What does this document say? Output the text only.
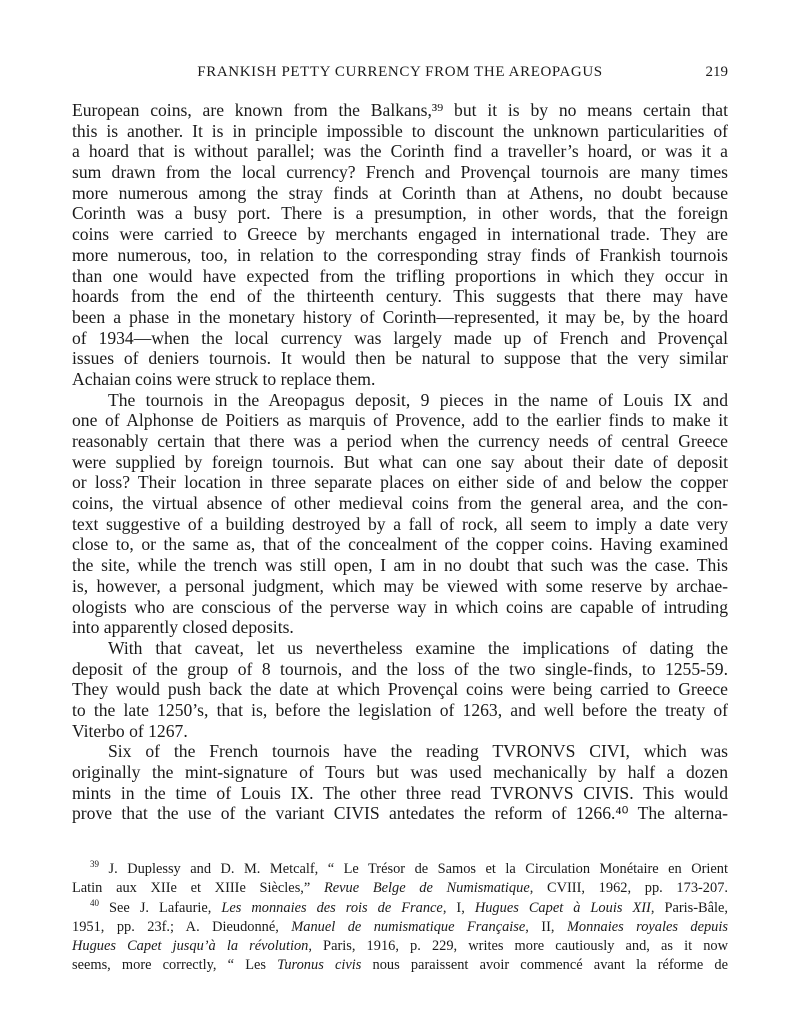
FRANKISH PETTY CURRENCY FROM THE AREOPAGUS	219
European coins, are known from the Balkans,³⁹ but it is by no means certain that
this is another. It is in principle impossible to discount the unknown particularities of
a hoard that is without parallel; was the Corinth find a traveller’s hoard, or was it a
sum drawn from the local currency? French and Provençal tournois are many times
more numerous among the stray finds at Corinth than at Athens, no doubt because
Corinth was a busy port. There is a presumption, in other words, that the foreign
coins were carried to Greece by merchants engaged in international trade. They are
more numerous, too, in relation to the corresponding stray finds of Frankish tournois
than one would have expected from the trifling proportions in which they occur in
hoards from the end of the thirteenth century. This suggests that there may have
been a phase in the monetary history of Corinth—represented, it may be, by the hoard
of 1934—when the local currency was largely made up of French and Provençal
issues of deniers tournois. It would then be natural to suppose that the very similar
Achaian coins were struck to replace them.
The tournois in the Areopagus deposit, 9 pieces in the name of Louis IX and
one of Alphonse de Poitiers as marquis of Provence, add to the earlier finds to make it
reasonably certain that there was a period when the currency needs of central Greece
were supplied by foreign tournois. But what can one say about their date of deposit
or loss? Their location in three separate places on either side of and below the copper
coins, the virtual absence of other medieval coins from the general area, and the con-
text suggestive of a building destroyed by a fall of rock, all seem to imply a date very
close to, or the same as, that of the concealment of the copper coins. Having examined
the site, while the trench was still open, I am in no doubt that such was the case. This
is, however, a personal judgment, which may be viewed with some reserve by archae-
ologists who are conscious of the perverse way in which coins are capable of intruding
into apparently closed deposits.
With that caveat, let us nevertheless examine the implications of dating the
deposit of the group of 8 tournois, and the loss of the two single-finds, to 1255-59.
They would push back the date at which Provençal coins were being carried to Greece
to the late 1250’s, that is, before the legislation of 1263, and well before the treaty of
Viterbo of 1267.
Six of the French tournois have the reading TVRONVS CIVI, which was
originally the mint-signature of Tours but was used mechanically by half a dozen
mints in the time of Louis IX. The other three read TVRONVS CIVIS. This would
prove that the use of the variant CIVIS antedates the reform of 1266.⁴⁰ The alterna-
$^{39}$ J. Duplessy and D. M. Metcalf, “ Le Trésor de Samos et la Circulation Monétaire en Orient
Latin aux XIIe et XIIIe Siècles,” Revue Belge de Numismatique, CVIII, 1962, pp. 173-207.
$^{40}$ See J. Lafaurie, Les monnaies des rois de France, I, Hugues Capet à Louis XII, Paris-Bâle,
1951, pp. 23f.; A. Dieudonné, Manuel de numismatique Française, II, Monnaies royales depuis
Hugues Capet jusqu’à la révolution, Paris, 1916, p. 229, writes more cautiously and, as it now
seems, more correctly, “ Les Turonus civis nous paraissent avoir commencé avant la réforme de
